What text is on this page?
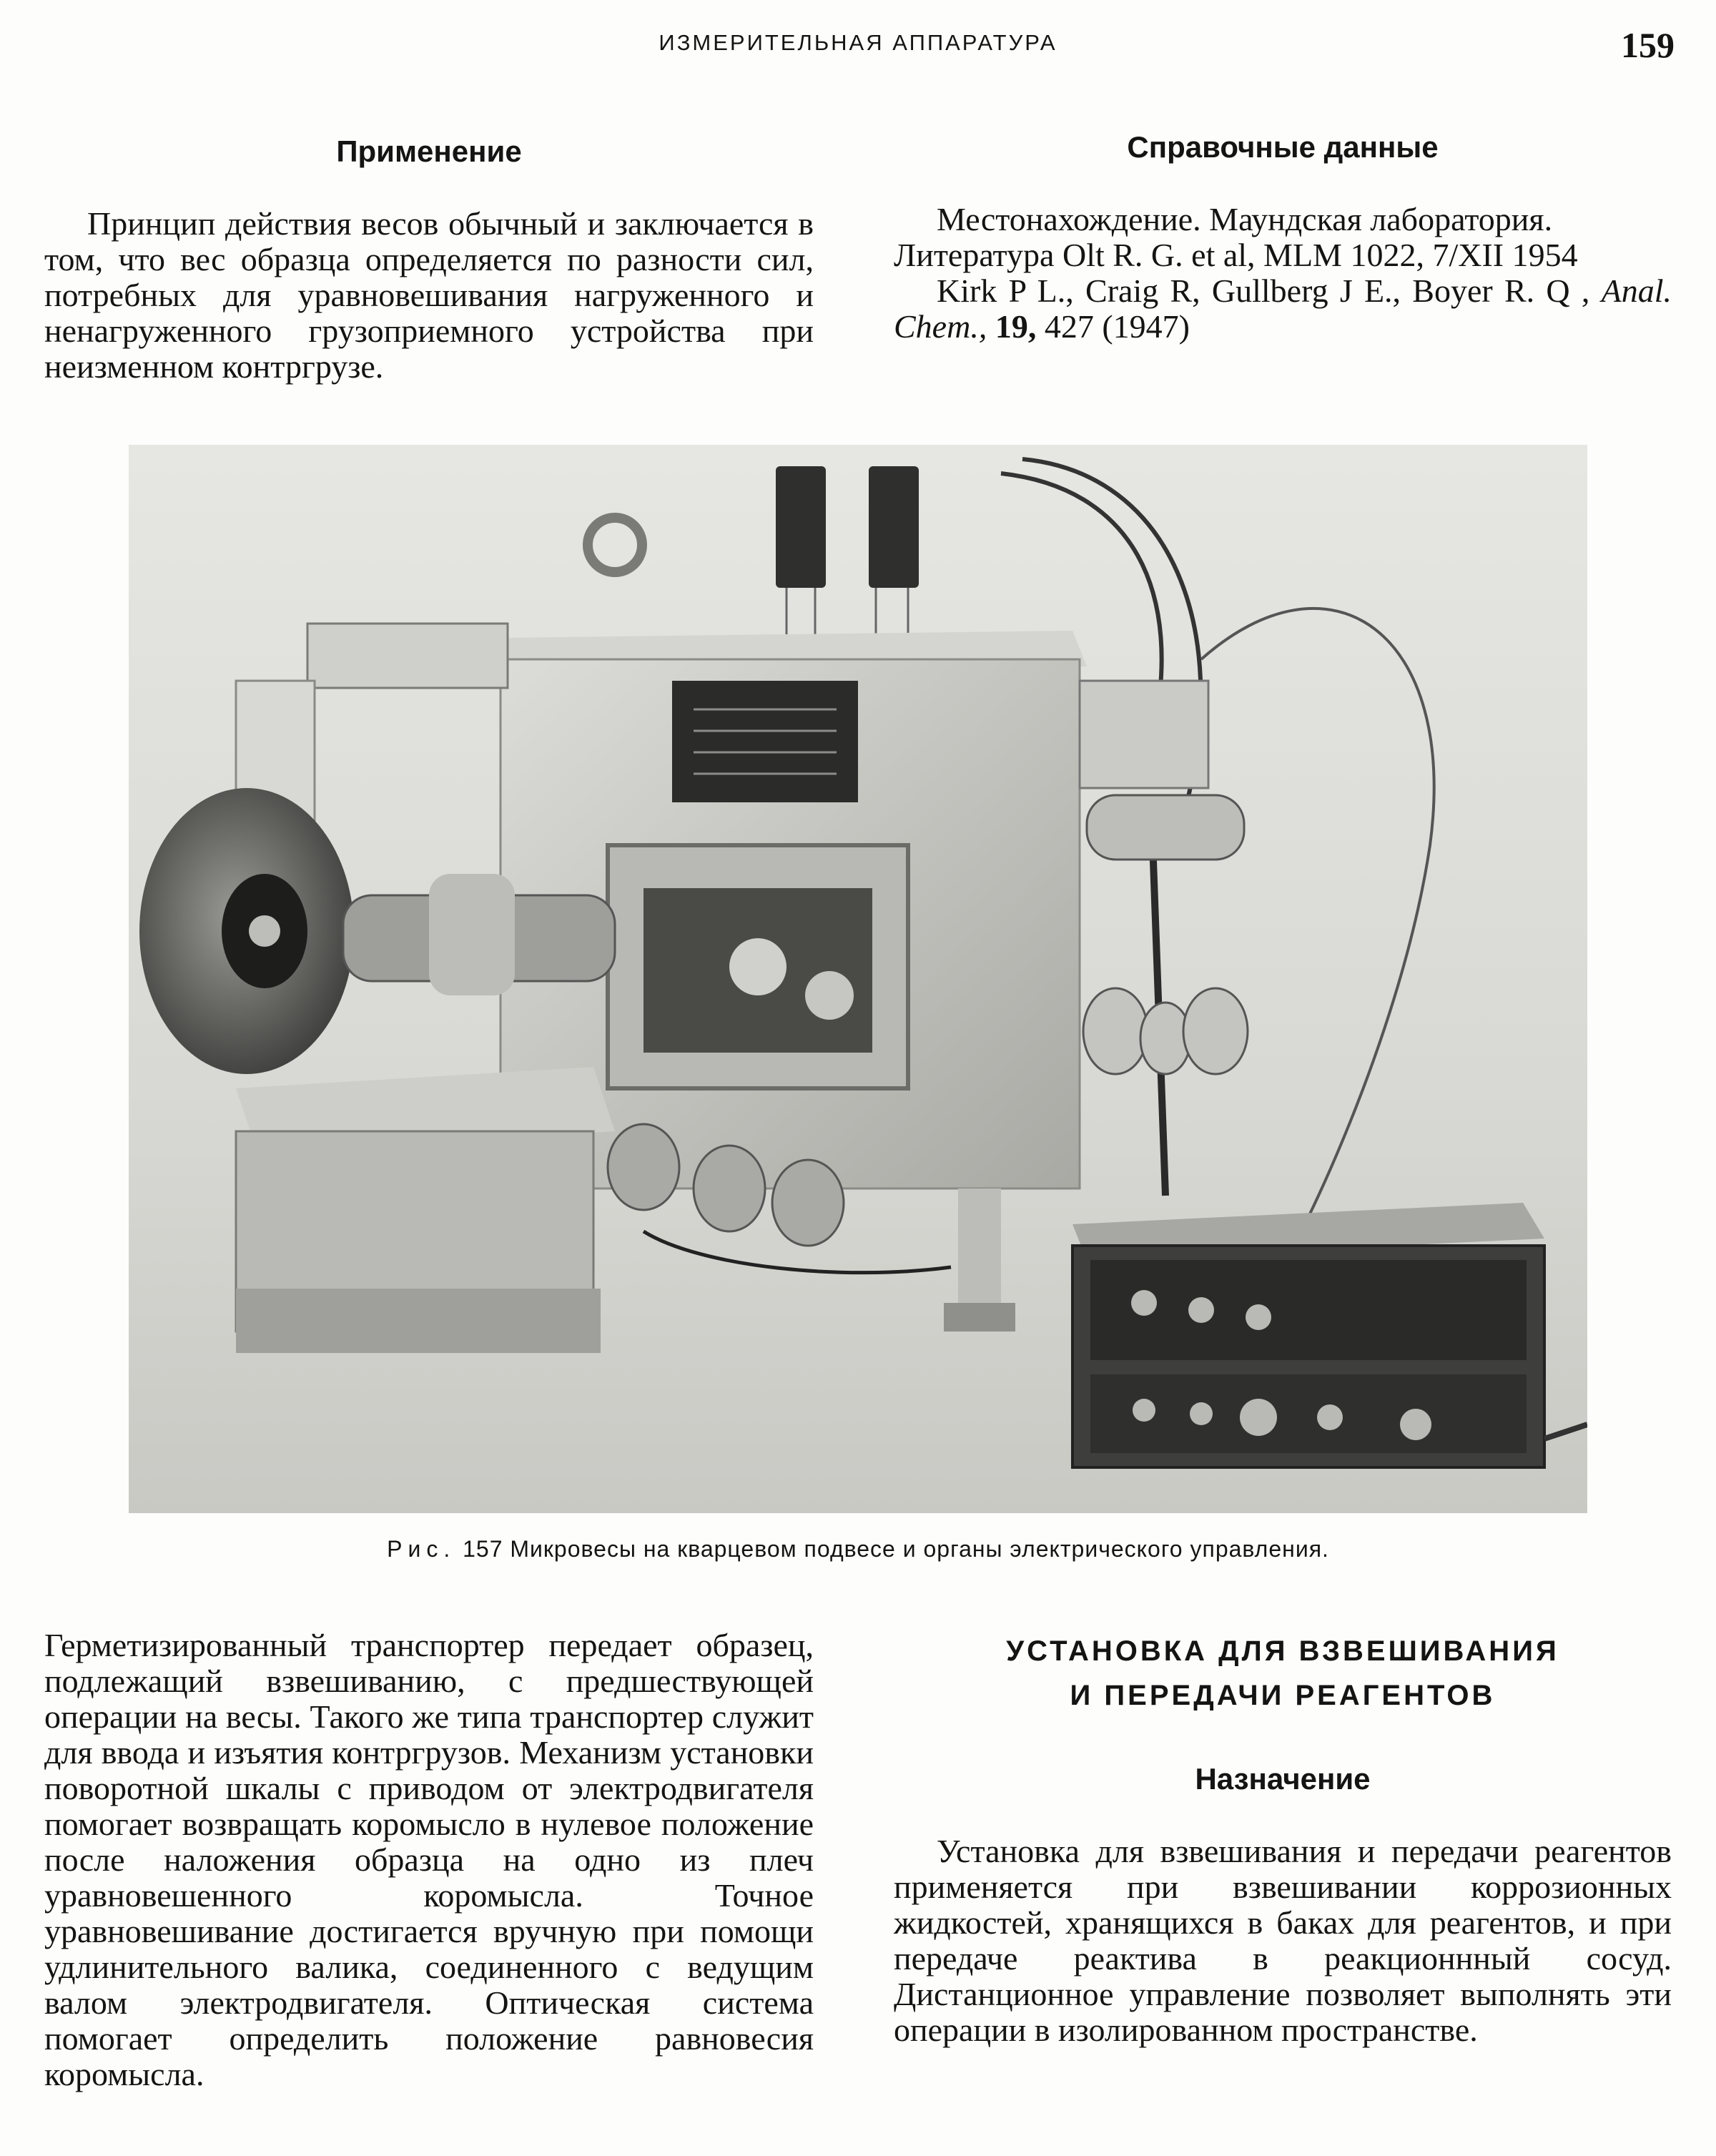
ИЗМЕРИТЕЛЬНАЯ АППАРАТУРА	159
Применение

Принцип действия весов обычный и заключается в том, что вес образца определяется по разности сил, потребных для уравновешивания нагруженного и ненагруженного грузоприемного устройства при неизменном контргрузе.

Справочные данные

Местонахождение. Маундская лаборатория.

Литература Olt R. G. et al, MLM 1022, 7/XII 1954

Kirk P L., Craig R, Gullberg J E., Boyer R. Q , Anal. Chem., 19, 427 (1947)

Рис. 157 Микровесы на кварцевом подвесе и органы электрического управления.

Герметизированный транспортер передает образец, подлежащий взвешиванию, с предшествующей операции на весы. Такого же типа транспортер служит для ввода и изъятия контргрузов. Механизм установки поворотной шкалы с приводом от электродвигателя помогает возвращать коромысло в нулевое положение после наложения образца на одно из плеч уравновешенного коромысла. Точное уравновешивание достигается вручную при помощи удлинительного валика, соединенного с ведущим валом электродвигателя. Оптическая система помогает определить положение равновесия коромысла.

УСТАНОВКА ДЛЯ ВЗВЕШИВАНИЯ
И ПЕРЕДАЧИ РЕАГЕНТОВ
Назначение

Установка для взвешивания и передачи реагентов применяется при взвешивании коррозионных жидкостей, хранящихся в баках для реагентов, и при передаче реактива в реакционнный сосуд. Дистанционное управление позволяет выполнять эти операции в изолированном пространстве.
